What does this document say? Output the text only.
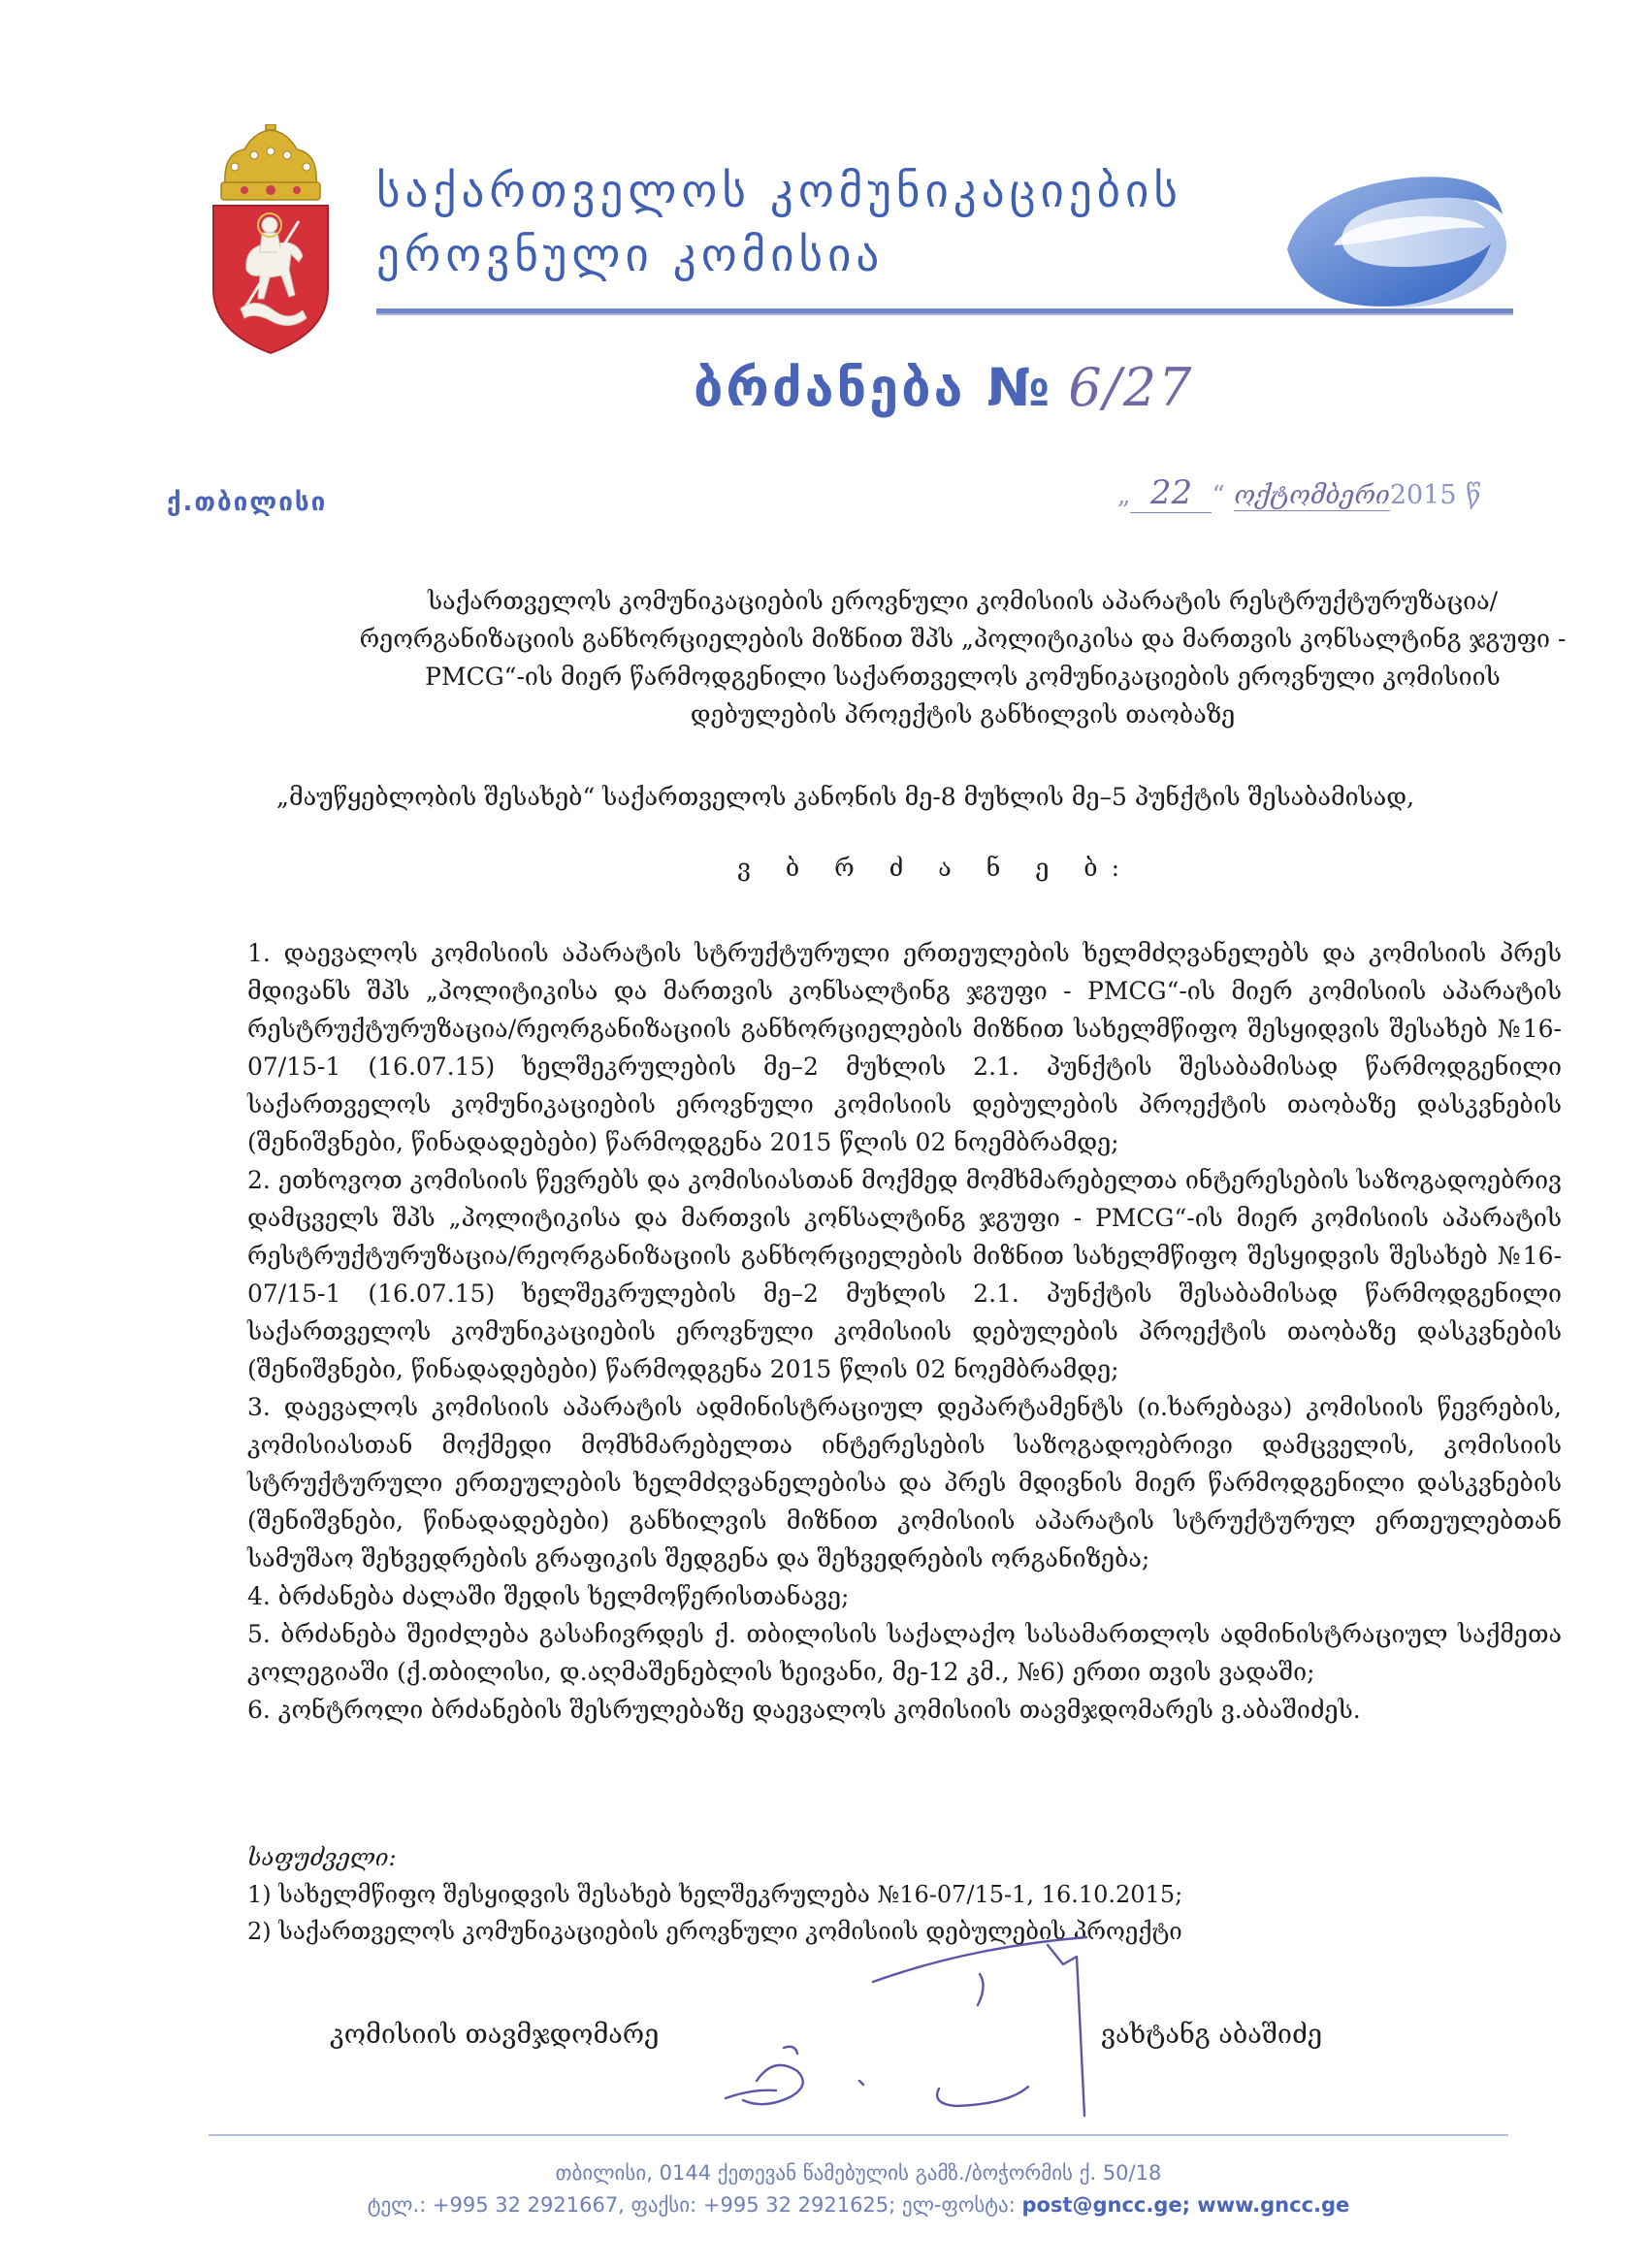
საქართველოს კომუნიკაციების
ეროვნული კომისია
ბრძანება № 6/27
ქ.თბილისი	„ 22 “ ოქტომბერი2015 წ
საქართველოს კომუნიკაციების ეროვნული კომისიის აპარატის რესტრუქტურუზაცია/რეორგანიზაციის განხორციელების მიზნით შპს „პოლიტიკისა და მართვის კონსალტინგ ჯგუფი - PMCG“-ის მიერ წარმოდგენილი საქართველოს კომუნიკაციების ეროვნული კომისიის დებულების პროექტის განხილვის თაობაზე
„მაუწყებლობის შესახებ“ საქართველოს კანონის მე-8 მუხლის მე–5 პუნქტის შესაბამისად,
ვ ბ რ ძ ა ნ ე ბ:

1. დაევალოს კომისიის აპარატის სტრუქტურული ერთეულების ხელმძღვანელებს და კომისიის პრეს მდივანს შპს „პოლიტიკისა და მართვის კონსალტინგ ჯგუფი - PMCG“-ის მიერ კომისიის აპარატის რესტრუქტურუზაცია/რეორგანიზაციის განხორციელების მიზნით სახელმწიფო შესყიდვის შესახებ №16-07/15-1 (16.07.15) ხელშეკრულების მე–2 მუხლის 2.1. პუნქტის შესაბამისად წარმოდგენილი საქართველოს კომუნიკაციების ეროვნული კომისიის დებულების პროექტის თაობაზე დასკვნების (შენიშვნები, წინადადებები) წარმოდგენა 2015 წლის 02 ნოემბრამდე;

2. ეთხოვოთ კომისიის წევრებს და კომისიასთან მოქმედ მომხმარებელთა ინტერესების საზოგადოებრივ დამცველს შპს „პოლიტიკისა და მართვის კონსალტინგ ჯგუფი - PMCG“-ის მიერ კომისიის აპარატის რესტრუქტურუზაცია/რეორგანიზაციის განხორციელების მიზნით სახელმწიფო შესყიდვის შესახებ №16-07/15-1 (16.07.15) ხელშეკრულების მე–2 მუხლის 2.1. პუნქტის შესაბამისად წარმოდგენილი საქართველოს კომუნიკაციების ეროვნული კომისიის დებულების პროექტის თაობაზე დასკვნების (შენიშვნები, წინადადებები) წარმოდგენა 2015 წლის 02 ნოემბრამდე;

3. დაევალოს კომისიის აპარატის ადმინისტრაციულ დეპარტამენტს (ი.ხარებავა) კომისიის წევრების, კომისიასთან მოქმედი მომხმარებელთა ინტერესების საზოგადოებრივი დამცველის, კომისიის სტრუქტურული ერთეულების ხელმძღვანელებისა და პრეს მდივნის მიერ წარმოდგენილი დასკვნების (შენიშვნები, წინადადებები) განხილვის მიზნით კომისიის აპარატის სტრუქტურულ ერთეულებთან სამუშაო შეხვედრების გრაფიკის შედგენა და შეხვედრების ორგანიზება;

4. ბრძანება ძალაში შედის ხელმოწერისთანავე;

5. ბრძანება შეიძლება გასაჩივრდეს ქ. თბილისის საქალაქო სასამართლოს ადმინისტრაციულ საქმეთა კოლეგიაში (ქ.თბილისი, დ.აღმაშენებლის ხეივანი, მე-12 კმ., №6) ერთი თვის ვადაში;

6. კონტროლი ბრძანების შესრულებაზე დაევალოს კომისიის თავმჯდომარეს ვ.აბაშიძეს.

საფუძველი:
1) სახელმწიფო შესყიდვის შესახებ ხელშეკრულება №16-07/15-1, 16.10.2015;
2) საქართველოს კომუნიკაციების ეროვნული კომისიის დებულების პროექტი
კომისიის თავმჯდომარე	ვახტანგ აბაშიძე
თბილისი, 0144 ქეთევან წამებულის გამზ./ბოჭორმის ქ. 50/18
ტელ.: +995 32 2921667, ფაქსი: +995 32 2921625; ელ-ფოსტა: post@gncc.ge; www.gncc.ge
